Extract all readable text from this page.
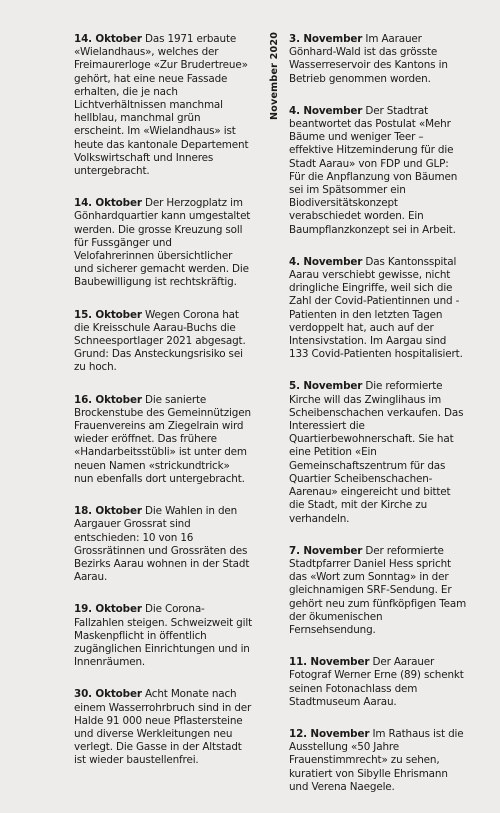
14. Oktober Das 1971 erbaute «Wielandhaus», welches der Freimaurerloge «Zur Brudertreue» gehört, hat eine neue Fassade erhalten, die je nach Lichtverhältnissen manchmal hellblau, manchmal grün erscheint. Im «Wielandhaus» ist heute das kantonale Departement Volkswirtschaft und Inneres untergebracht.

14. Oktober Der Herzogplatz im Gönhardquartier kann umgestaltet werden. Die grosse Kreuzung soll für Fussgänger und Velofahrerinnen übersichtlicher und sicherer gemacht werden. Die Baubewilligung ist rechtskräftig.

15. Oktober Wegen Corona hat die Kreisschule Aarau-Buchs die Schneesportlager 2021 abgesagt. Grund: Das Ansteckungsrisiko sei zu hoch.

16. Oktober Die sanierte Brockenstube des Gemeinnützigen Frauenvereins am Ziegelrain wird wieder eröffnet. Das frühere «Handarbeitsstübli» ist unter dem neuen Namen «strickundtrick» nun ebenfalls dort untergebracht.

18. Oktober Die Wahlen in den Aargauer Grossrat sind entschieden: 10 von 16 Grossrätinnen und Grossräten des Bezirks Aarau wohnen in der Stadt Aarau.

19. Oktober Die Corona-Fallzahlen steigen. Schweizweit gilt Maskenpflicht in öffentlich zugänglichen Einrichtungen und in Innenräumen.

30. Oktober Acht Monate nach einem Wasserrohrbruch sind in der Halde 91 000 neue Pflastersteine und diverse Werkleitungen neu verlegt. Die Gasse in der Altstadt ist wieder baustellenfrei.

November 2020 3. November Im Aarauer Gönhard-Wald ist das grösste Wasserreservoir des Kantons in Betrieb genommen worden.

4. November Der Stadtrat beantwortet das Postulat «Mehr Bäume und weniger Teer – effektive Hitzeminderung für die Stadt Aarau» von FDP und GLP: Für die Anpflanzung von Bäumen sei im Spätsommer ein Biodiversitätskonzept verabschiedet worden. Ein Baumpflanzkonzept sei in Arbeit.

4. November Das Kantonsspital Aarau verschiebt gewisse, nicht dringliche Eingriffe, weil sich die Zahl der Covid-Patientinnen und -Patienten in den letzten Tagen verdoppelt hat, auch auf der Intensivstation. Im Aargau sind 133 Covid-Patienten hospitalisiert.

5. November Die reformierte Kirche will das Zwinglihaus im Scheibenschachen verkaufen. Das Interessiert die Quartierbewohnerschaft. Sie hat eine Petition «Ein Gemeinschaftszentrum für das Quartier Scheibenschachen-Aarenau» eingereicht und bittet die Stadt, mit der Kirche zu verhandeln.

7. November Der reformierte Stadtpfarrer Daniel Hess spricht das «Wort zum Sonntag» in der gleichnamigen SRF-Sendung. Er gehört neu zum fünfköpfigen Team der ökumenischen Fernsehsendung.

11. November Der Aarauer Fotograf Werner Erne (89) schenkt seinen Fotonachlass dem Stadtmuseum Aarau.

12. November Im Rathaus ist die Ausstellung «50 Jahre Frauenstimmrecht» zu sehen, kuratiert von Sibylle Ehrismann und Verena Naegele.
